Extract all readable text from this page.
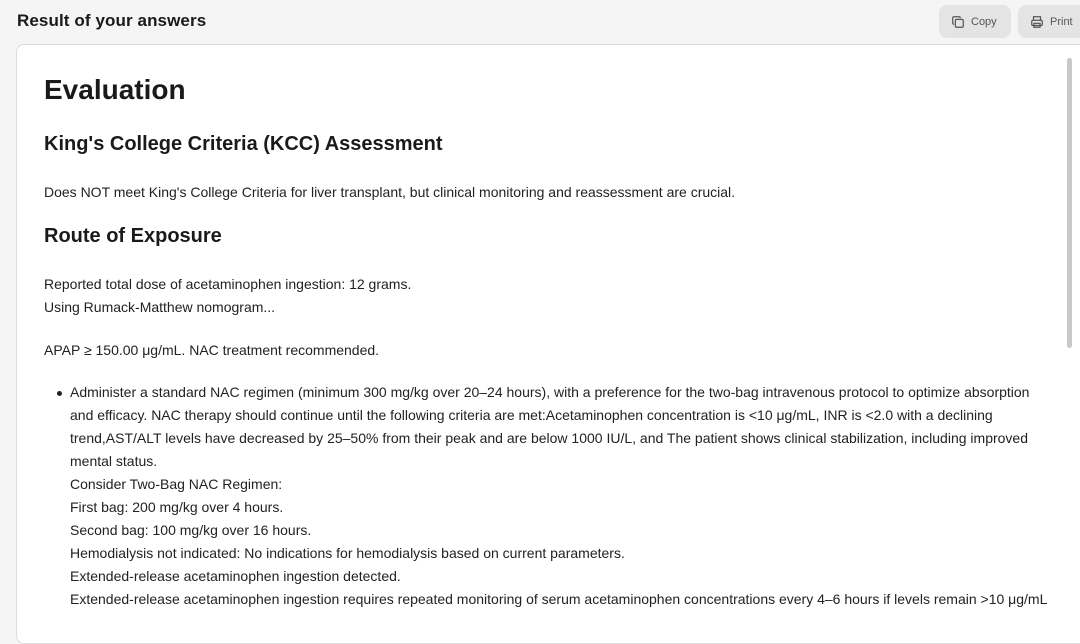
Result of your answers	Copy	Print
Evaluation
King's College Criteria (KCC) Assessment
Does NOT meet King's College Criteria for liver transplant, but clinical monitoring and reassessment are crucial.
Route of Exposure
Reported total dose of acetaminophen ingestion: 12 grams.
Using Rumack-Matthew nomogram...
APAP ≥ 150.00 μg/mL. NAC treatment recommended.
Administer a standard NAC regimen (minimum 300 mg/kg over 20–24 hours), with a preference for the two-bag intravenous protocol to optimize absorption
and efficacy. NAC therapy should continue until the following criteria are met:Acetaminophen concentration is <10 μg/mL, INR is <2.0 with a declining
trend,AST/ALT levels have decreased by 25–50% from their peak and are below 1000 IU/L, and The patient shows clinical stabilization, including improved
mental status.
Consider Two-Bag NAC Regimen:
First bag: 200 mg/kg over 4 hours.
Second bag: 100 mg/kg over 16 hours.
Hemodialysis not indicated: No indications for hemodialysis based on current parameters.
Extended-release acetaminophen ingestion detected.
Extended-release acetaminophen ingestion requires repeated monitoring of serum acetaminophen concentrations every 4–6 hours if levels remain >10 μg/mL
